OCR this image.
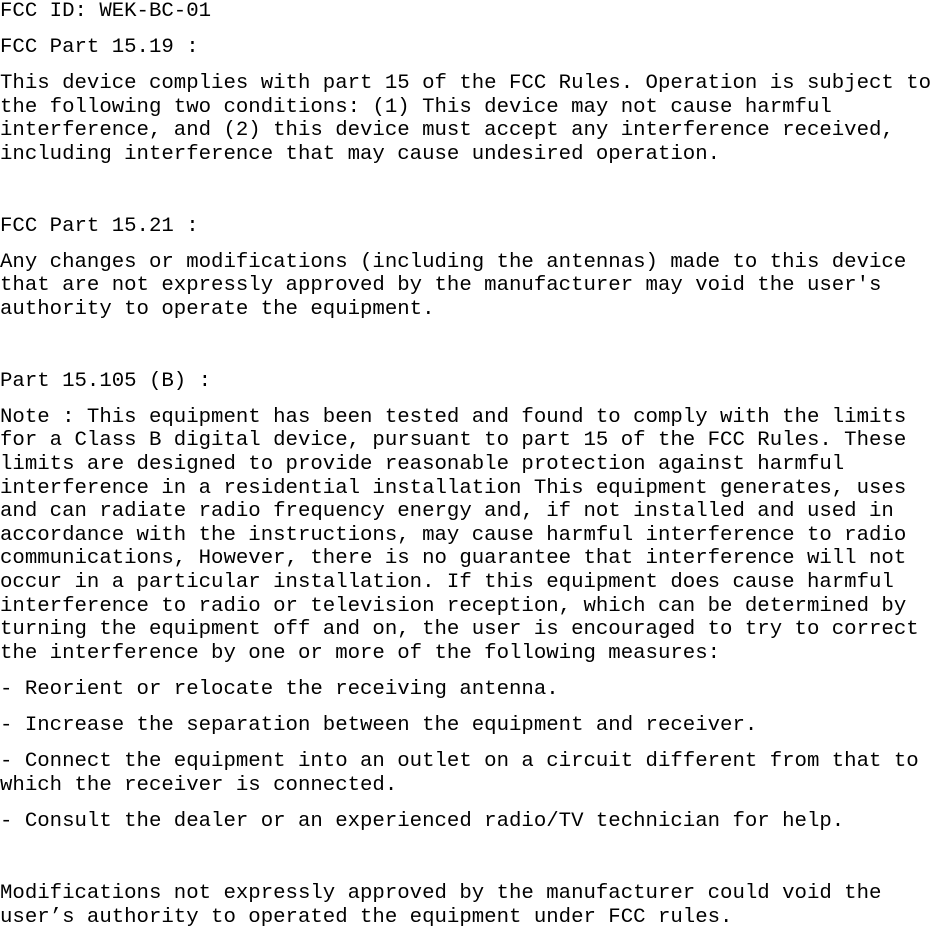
FCC ID: WEK-BC-01
FCC Part 15.19 :
This device complies with part 15 of the FCC Rules. Operation is subject to
the following two conditions: (1) This device may not cause harmful
interference, and (2) this device must accept any interference received,
including interference that may cause undesired operation.
FCC Part 15.21 :
Any changes or modifications (including the antennas) made to this device
that are not expressly approved by the manufacturer may void the user's
authority to operate the equipment.
Part 15.105 (B) :
Note : This equipment has been tested and found to comply with the limits
for a Class B digital device, pursuant to part 15 of the FCC Rules. These
limits are designed to provide reasonable protection against harmful
interference in a residential installation This equipment generates, uses
and can radiate radio frequency energy and, if not installed and used in
accordance with the instructions, may cause harmful interference to radio
communications, However, there is no guarantee that interference will not
occur in a particular installation. If this equipment does cause harmful
interference to radio or television reception, which can be determined by
turning the equipment off and on, the user is encouraged to try to correct
the interference by one or more of the following measures:
- Reorient or relocate the receiving antenna.
- Increase the separation between the equipment and receiver.
- Connect the equipment into an outlet on a circuit different from that to
which the receiver is connected.
- Consult the dealer or an experienced radio/TV technician for help.
Modifications not expressly approved by the manufacturer could void the
user’s authority to operated the equipment under FCC rules.
